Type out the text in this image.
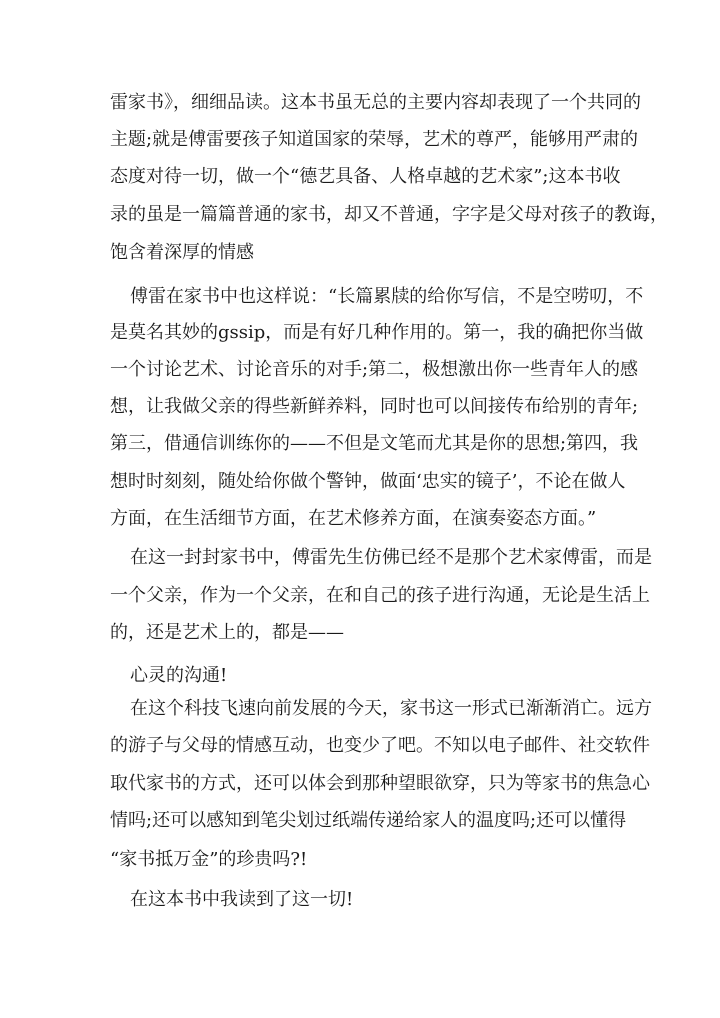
雷家书》，细细品读。这本书虽无总的主要内容却表现了一个共同的
主题;就是傅雷要孩子知道国家的荣辱，艺术的尊严，能够用严肃的
态度对待一切，做一个“德艺具备、人格卓越的艺术家”;这本书收
录的虽是一篇篇普通的家书，却又不普通，字字是父母对孩子的教诲，
饱含着深厚的情感
傅雷在家书中也这样说：“长篇累牍的给你写信，不是空唠叨，不
是莫名其妙的gssip，而是有好几种作用的。第一，我的确把你当做
一个讨论艺术、讨论音乐的对手;第二，极想激出你一些青年人的感
想，让我做父亲的得些新鲜养料，同时也可以间接传布给别的青年;
第三，借通信训练你的——不但是文笔而尤其是你的思想;第四，我
想时时刻刻，随处给你做个警钟，做面‘忠实的镜子’，不论在做人
方面，在生活细节方面，在艺术修养方面，在演奏姿态方面。”
在这一封封家书中，傅雷先生仿佛已经不是那个艺术家傅雷，而是
一个父亲，作为一个父亲，在和自己的孩子进行沟通，无论是生活上
的，还是艺术上的，都是——
心灵的沟通!
在这个科技飞速向前发展的今天，家书这一形式已渐渐消亡。远方
的游子与父母的情感互动，也变少了吧。不知以电子邮件、社交软件
取代家书的方式，还可以体会到那种望眼欲穿，只为等家书的焦急心
情吗;还可以感知到笔尖划过纸端传递给家人的温度吗;还可以懂得
“家书抵万金”的珍贵吗?!
在这本书中我读到了这一切!
